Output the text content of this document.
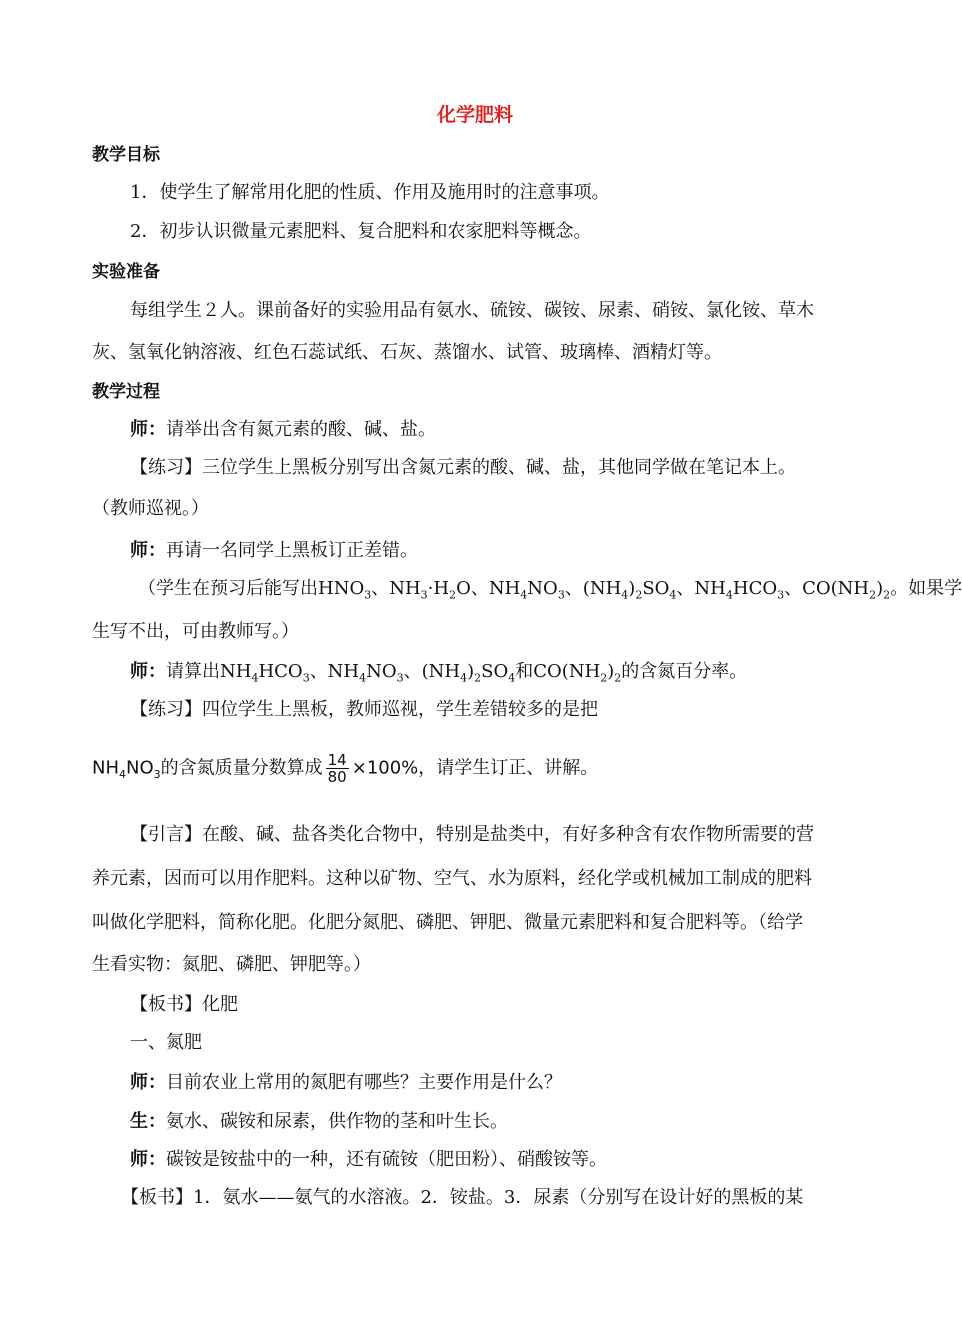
化学肥料
教学目标
1．使学生了解常用化肥的性质、作用及施用时的注意事项。
2．初步认识微量元素肥料、复合肥料和农家肥料等概念。
实验准备
每组学生２人。课前备好的实验用品有氨水、硫铵、碳铵、尿素、硝铵、氯化铵、草木
灰、氢氧化钠溶液、红色石蕊试纸、石灰、蒸馏水、试管、玻璃棒、酒精灯等。
教学过程
师：请举出含有氮元素的酸、碱、盐。
【练习】三位学生上黑板分别写出含氮元素的酸、碱、盐，其他同学做在笔记本上。
（教师巡视。）
师：再请一名同学上黑板订正差错。
（学生在预习后能写出$HNO_3$、$NH_3\cdot H_2O$、$NH_4NO_3$、$(NH_4)_2SO_4$、$NH_4HCO_3$、$CO(NH_2)_2$。如果学
生写不出，可由教师写。）
师：请算出$NH_4HCO_3$、$NH_4NO_3$、$(NH_4)_2SO_4$和$CO(NH_2)_2$的含氮百分率。
【练习】四位学生上黑板，教师巡视，学生差错较多的是把
$NH_4NO_3$的含氮质量分数算成 $\frac{14}{80} \times 100\%$，请学生订正、讲解。
【引言】在酸、碱、盐各类化合物中，特别是盐类中，有好多种含有农作物所需要的营
养元素，因而可以用作肥料。这种以矿物、空气、水为原料，经化学或机械加工制成的肥料
叫做化学肥料，简称化肥。化肥分氮肥、磷肥、钾肥、微量元素肥料和复合肥料等。（给学
生看实物：氮肥、磷肥、钾肥等。）
【板书】化肥
一、氮肥
师：目前农业上常用的氮肥有哪些？主要作用是什么？
生：氨水、碳铵和尿素，供作物的茎和叶生长。
师：碳铵是铵盐中的一种，还有硫铵（肥田粉）、硝酸铵等。
【板书】1．氨水——氨气的水溶液。2．铵盐。3．尿素（分别写在设计好的黑板的某
